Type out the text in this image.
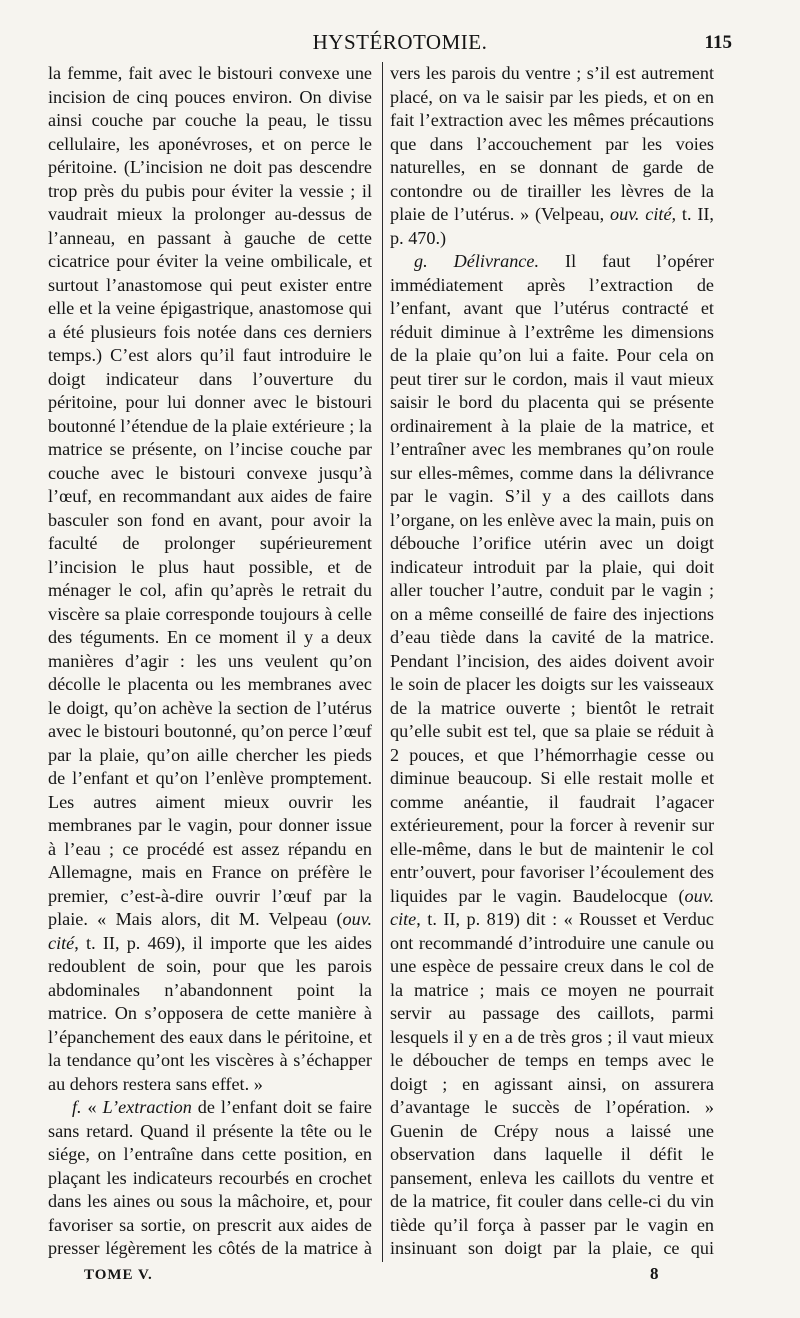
HYSTÉROTOMIE.	115

la femme, fait avec le bistouri convexe une incision de cinq pouces environ. On divise ainsi couche par couche la peau, le tissu cellulaire, les aponévroses, et on perce le péritoine. (L’incision ne doit pas descendre trop près du pubis pour éviter la vessie ; il vaudrait mieux la prolonger au-dessus de l’anneau, en passant à gauche de cette cicatrice pour éviter la veine ombilicale, et surtout l’anastomose qui peut exister entre elle et la veine épigastrique, anastomose qui a été plusieurs fois notée dans ces derniers temps.) C’est alors qu’il faut introduire le doigt indicateur dans l’ouverture du péritoine, pour lui donner avec le bistouri boutonné l’étendue de la plaie extérieure ; la matrice se présente, on l’incise couche par couche avec le bistouri convexe jusqu’à l’œuf, en recommandant aux aides de faire basculer son fond en avant, pour avoir la faculté de prolonger supérieurement l’incision le plus haut possible, et de ménager le col, afin qu’après le retrait du viscère sa plaie corresponde toujours à celle des téguments. En ce moment il y a deux manières d’agir : les uns veulent qu’on décolle le placenta ou les membranes avec le doigt, qu’on achève la section de l’utérus avec le bistouri boutonné, qu’on perce l’œuf par la plaie, qu’on aille chercher les pieds de l’enfant et qu’on l’enlève promptement. Les autres aiment mieux ouvrir les membranes par le vagin, pour donner issue à l’eau ; ce procédé est assez répandu en Allemagne, mais en France on préfère le premier, c’est-à-dire ouvrir l’œuf par la plaie. « Mais alors, dit M. Velpeau (ouv. cité, t. II, p. 469), il importe que les aides redoublent de soin, pour que les parois abdominales n’abandonnent point la matrice. On s’opposera de cette manière à l’épanchement des eaux dans le péritoine, et la tendance qu’ont les viscères à s’échapper au dehors restera sans effet. »

f. « L’extraction de l’enfant doit se faire sans retard. Quand il présente la tête ou le siége, on l’entraîne dans cette position, en plaçant les indicateurs recourbés en crochet dans les aines ou sous la mâchoire, et, pour favoriser sa sortie, on prescrit aux aides de presser légèrement les côtés de la matrice à

vers les parois du ventre ; s’il est autrement placé, on va le saisir par les pieds, et on en fait l’extraction avec les mêmes précautions que dans l’accouchement par les voies naturelles, en se donnant de garde de contondre ou de tirailler les lèvres de la plaie de l’utérus. » (Velpeau, ouv. cité, t. II, p. 470.)

g. Délivrance. Il faut l’opérer immédiatement après l’extraction de l’enfant, avant que l’utérus contracté et réduit diminue à l’extrême les dimensions de la plaie qu’on lui a faite. Pour cela on peut tirer sur le cordon, mais il vaut mieux saisir le bord du placenta qui se présente ordinairement à la plaie de la matrice, et l’entraîner avec les membranes qu’on roule sur elles-mêmes, comme dans la délivrance par le vagin. S’il y a des caillots dans l’organe, on les enlève avec la main, puis on débouche l’orifice utérin avec un doigt indicateur introduit par la plaie, qui doit aller toucher l’autre, conduit par le vagin ; on a même conseillé de faire des injections d’eau tiède dans la cavité de la matrice. Pendant l’incision, des aides doivent avoir le soin de placer les doigts sur les vaisseaux de la matrice ouverte ; bientôt le retrait qu’elle subit est tel, que sa plaie se réduit à 2 pouces, et que l’hémorrhagie cesse ou diminue beaucoup. Si elle restait molle et comme anéantie, il faudrait l’agacer extérieurement, pour la forcer à revenir sur elle-même, dans le but de maintenir le col entr’ouvert, pour favoriser l’écoulement des liquides par le vagin. Baudelocque (ouv. cite, t. II, p. 819) dit : « Rousset et Verduc ont recommandé d’introduire une canule ou une espèce de pessaire creux dans le col de la matrice ; mais ce moyen ne pourrait servir au passage des caillots, parmi lesquels il y en a de très gros ; il vaut mieux le déboucher de temps en temps avec le doigt ; en agissant ainsi, on assurera d’avantage le succès de l’opération. » Guenin de Crépy nous a laissé une observation dans laquelle il défit le pansement, enleva les caillots du ventre et de la matrice, fit couler dans celle-ci du vin tiède qu’il força à passer par le vagin en insinuant son doigt par la plaie, ce qui

TOME V.	8
